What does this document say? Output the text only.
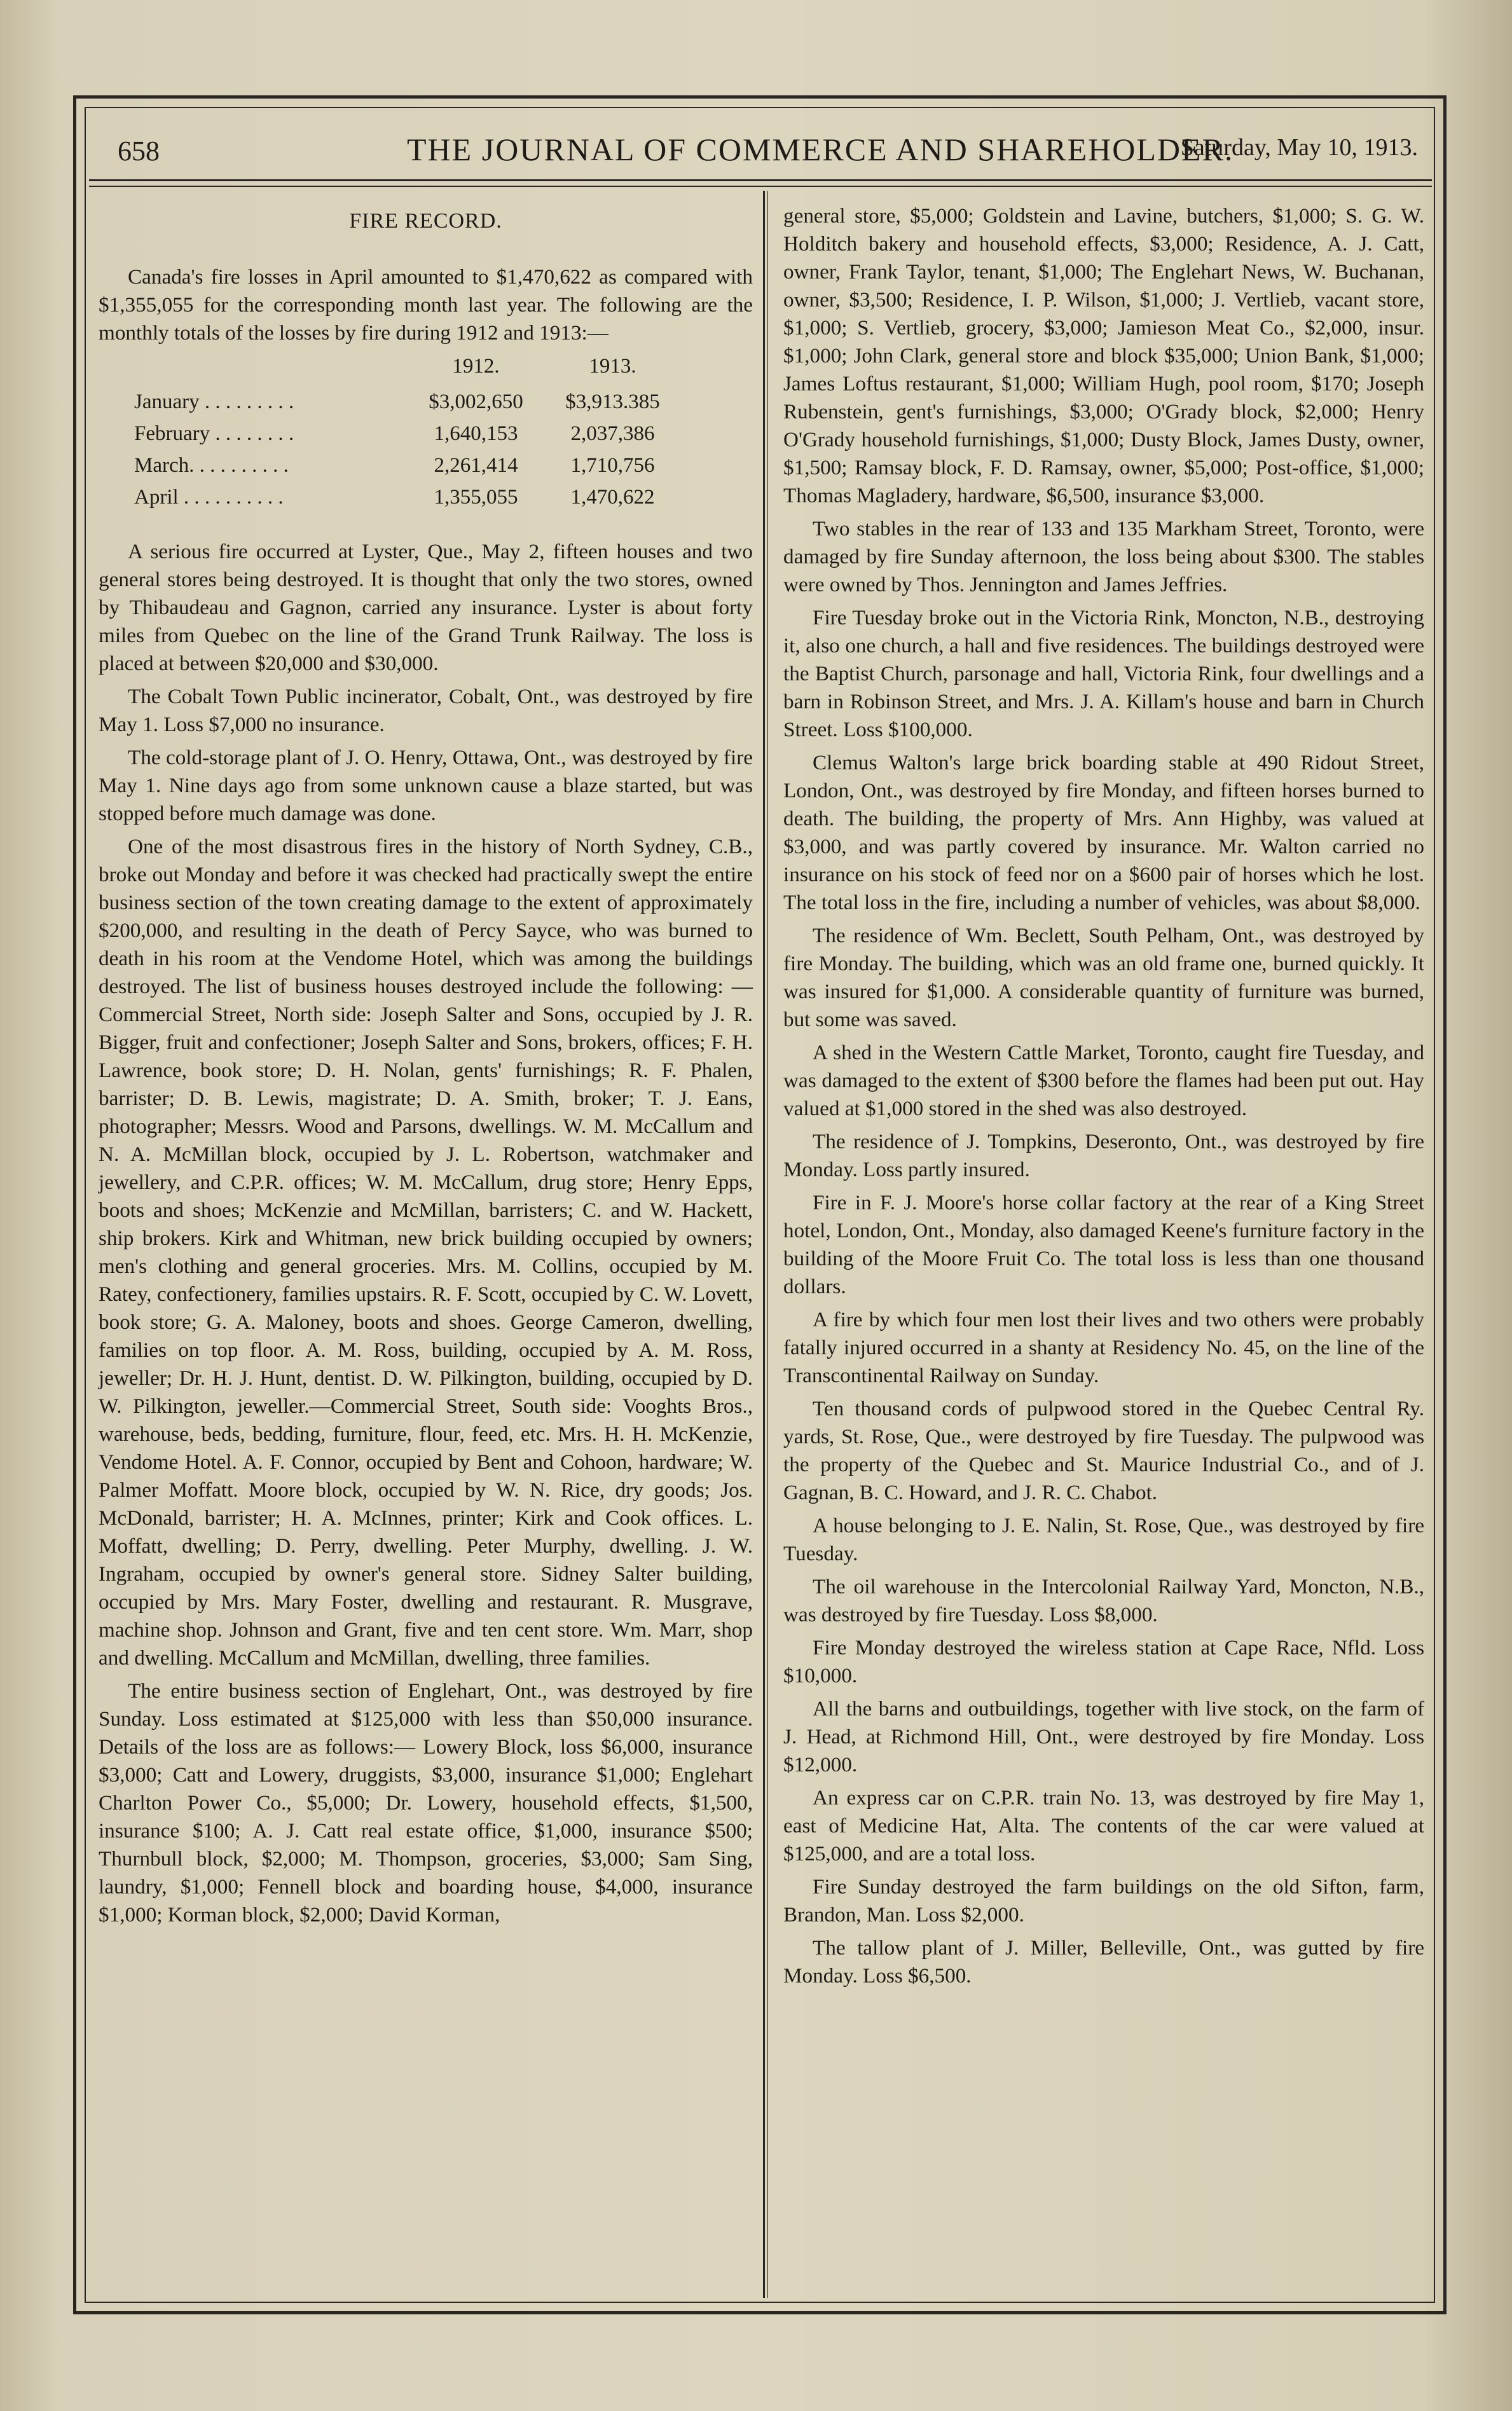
658	THE JOURNAL OF COMMERCE AND SHAREHOLDER.
Saturday, May 10, 1913.
FIRE RECORD.

Canada's fire losses in April amounted to $1,470,622 as compared with $1,355,055 for the corresponding month last year. The following are the monthly totals of the losses by fire during 1912 and 1913:—

	1912.	1913.
January . . . . . . . . .	$3,002,650	$3,913.385
February . . . . . . . .	1,640,153	2,037,386
March. . . . . . . . . .	2,261,414	1,710,756
April . . . . . . . . . .	1,355,055	1,470,622

A serious fire occurred at Lyster, Que., May 2, fifteen houses and two general stores being destroyed. It is thought that only the two stores, owned by Thibaudeau and Gagnon, carried any insurance. Lyster is about forty miles from Quebec on the line of the Grand Trunk Railway. The loss is placed at between $20,000 and $30,000.

The Cobalt Town Public incinerator, Cobalt, Ont., was destroyed by fire May 1. Loss $7,000 no insurance.

The cold-storage plant of J. O. Henry, Ottawa, Ont., was destroyed by fire May 1. Nine days ago from some unknown cause a blaze started, but was stopped before much damage was done.

One of the most disastrous fires in the history of North Sydney, C.B., broke out Monday and before it was checked had practically swept the entire business section of the town creating damage to the extent of approximately $200,000, and resulting in the death of Percy Sayce, who was burned to death in his room at the Vendome Hotel, which was among the buildings destroyed. The list of business houses destroyed include the following: — Commercial Street, North side: Joseph Salter and Sons, occupied by J. R. Bigger, fruit and confectioner; Joseph Salter and Sons, brokers, offices; F. H. Lawrence, book store; D. H. Nolan, gents' furnishings; R. F. Phalen, barrister; D. B. Lewis, magistrate; D. A. Smith, broker; T. J. Eans, photographer; Messrs. Wood and Parsons, dwellings. W. M. McCallum and N. A. McMillan block, occupied by J. L. Robertson, watchmaker and jewellery, and C.P.R. offices; W. M. McCallum, drug store; Henry Epps, boots and shoes; McKenzie and McMillan, barristers; C. and W. Hackett, ship brokers. Kirk and Whitman, new brick building occupied by owners; men's clothing and general groceries. Mrs. M. Collins, occupied by M. Ratey, confectionery, families upstairs. R. F. Scott, occupied by C. W. Lovett, book store; G. A. Maloney, boots and shoes. George Cameron, dwelling, families on top floor. A. M. Ross, building, occupied by A. M. Ross, jeweller; Dr. H. J. Hunt, dentist. D. W. Pilkington, building, occupied by D. W. Pilkington, jeweller.—Commercial Street, South side: Vooghts Bros., warehouse, beds, bedding, furniture, flour, feed, etc. Mrs. H. H. McKenzie, Vendome Hotel. A. F. Connor, occupied by Bent and Cohoon, hardware; W. Palmer Moffatt. Moore block, occupied by W. N. Rice, dry goods; Jos. McDonald, barrister; H. A. McInnes, printer; Kirk and Cook offices. L. Moffatt, dwelling; D. Perry, dwelling. Peter Murphy, dwelling. J. W. Ingraham, occupied by owner's general store. Sidney Salter building, occupied by Mrs. Mary Foster, dwelling and restaurant. R. Musgrave, machine shop. Johnson and Grant, five and ten cent store. Wm. Marr, shop and dwelling. McCallum and McMillan, dwelling, three families.

The entire business section of Englehart, Ont., was destroyed by fire Sunday. Loss estimated at $125,000 with less than $50,000 insurance. Details of the loss are as follows:— Lowery Block, loss $6,000, insurance $3,000; Catt and Lowery, druggists, $3,000, insurance $1,000; Englehart Charlton Power Co., $5,000; Dr. Lowery, household effects, $1,500, insurance $100; A. J. Catt real estate office, $1,000, insurance $500; Thurnbull block, $2,000; M. Thompson, groceries, $3,000; Sam Sing, laundry, $1,000; Fennell block and boarding house, $4,000, insurance $1,000; Korman block, $2,000; David Korman,

general store, $5,000; Goldstein and Lavine, butchers, $1,000; S. G. W. Holditch bakery and household effects, $3,000; Residence, A. J. Catt, owner, Frank Taylor, tenant, $1,000; The Englehart News, W. Buchanan, owner, $3,500; Residence, I. P. Wilson, $1,000; J. Vertlieb, vacant store, $1,000; S. Vertlieb, grocery, $3,000; Jamieson Meat Co., $2,000, insur. $1,000; John Clark, general store and block $35,000; Union Bank, $1,000; James Loftus restaurant, $1,000; William Hugh, pool room, $170; Joseph Rubenstein, gent's furnishings, $3,000; O'Grady block, $2,000; Henry O'Grady household furnishings, $1,000; Dusty Block, James Dusty, owner, $1,500; Ramsay block, F. D. Ramsay, owner, $5,000; Post-office, $1,000; Thomas Magladery, hardware, $6,500, insurance $3,000.

Two stables in the rear of 133 and 135 Markham Street, Toronto, were damaged by fire Sunday afternoon, the loss being about $300. The stables were owned by Thos. Jennington and James Jeffries.

Fire Tuesday broke out in the Victoria Rink, Moncton, N.B., destroying it, also one church, a hall and five residences. The buildings destroyed were the Baptist Church, parsonage and hall, Victoria Rink, four dwellings and a barn in Robinson Street, and Mrs. J. A. Killam's house and barn in Church Street. Loss $100,000.

Clemus Walton's large brick boarding stable at 490 Ridout Street, London, Ont., was destroyed by fire Monday, and fifteen horses burned to death. The building, the property of Mrs. Ann Highby, was valued at $3,000, and was partly covered by insurance. Mr. Walton carried no insurance on his stock of feed nor on a $600 pair of horses which he lost. The total loss in the fire, including a number of vehicles, was about $8,000.

The residence of Wm. Beclett, South Pelham, Ont., was destroyed by fire Monday. The building, which was an old frame one, burned quickly. It was insured for $1,000. A considerable quantity of furniture was burned, but some was saved.

A shed in the Western Cattle Market, Toronto, caught fire Tuesday, and was damaged to the extent of $300 before the flames had been put out. Hay valued at $1,000 stored in the shed was also destroyed.

The residence of J. Tompkins, Deseronto, Ont., was destroyed by fire Monday. Loss partly insured.

Fire in F. J. Moore's horse collar factory at the rear of a King Street hotel, London, Ont., Monday, also damaged Keene's furniture factory in the building of the Moore Fruit Co. The total loss is less than one thousand dollars.

A fire by which four men lost their lives and two others were probably fatally injured occurred in a shanty at Residency No. 45, on the line of the Transcontinental Railway on Sunday.

Ten thousand cords of pulpwood stored in the Quebec Central Ry. yards, St. Rose, Que., were destroyed by fire Tuesday. The pulpwood was the property of the Quebec and St. Maurice Industrial Co., and of J. Gagnan, B. C. Howard, and J. R. C. Chabot.

A house belonging to J. E. Nalin, St. Rose, Que., was destroyed by fire Tuesday.

The oil warehouse in the Intercolonial Railway Yard, Moncton, N.B., was destroyed by fire Tuesday. Loss $8,000.

Fire Monday destroyed the wireless station at Cape Race, Nfld. Loss $10,000.

All the barns and outbuildings, together with live stock, on the farm of J. Head, at Richmond Hill, Ont., were destroyed by fire Monday. Loss $12,000.

An express car on C.P.R. train No. 13, was destroyed by fire May 1, east of Medicine Hat, Alta. The contents of the car were valued at $125,000, and are a total loss.

Fire Sunday destroyed the farm buildings on the old Sifton, farm, Brandon, Man. Loss $2,000.

The tallow plant of J. Miller, Belleville, Ont., was gutted by fire Monday. Loss $6,500.
